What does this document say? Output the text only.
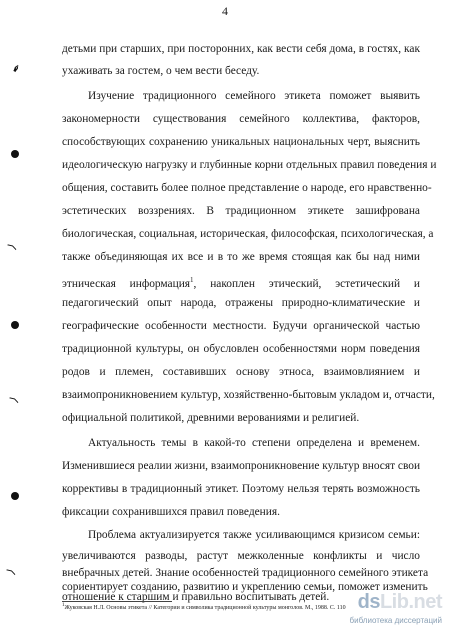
4
детьми при старших, при посторонних, как вести себя дома, в гостях, как
ухаживать за гостем, о чем вести беседу.
Изучение традиционного семейного этикета поможет выявить
закономерности существования семейного коллектива, факторов,
способствующих сохранению уникальных национальных черт, выяснить
идеологическую нагрузку и глубинные корни отдельных правил поведения и
общения, составить более полное представление о народе, его нравственно-
эстетических воззрениях. В традиционном этикете зашифрована
биологическая, социальная, историческая, философская, психологическая, а
также объединяющая их все и в то же время стоящая как бы над ними
этническая информация$^1$, накоплен этический, эстетический и
педагогический опыт народа, отражены природно-климатические и
географические особенности местности. Будучи органической частью
традиционной культуры, он обусловлен особенностями норм поведения
родов и племен, составивших основу этноса, взаимовлиянием и
взаимопроникновением культур, хозяйственно-бытовым укладом и, отчасти,
официальной политикой, древними верованиями и религией.
Актуальность темы в какой-то степени определена и временем.
Изменившиеся реалии жизни, взаимопроникновение культур вносят свои
коррективы в традиционный этикет. Поэтому нельзя терять возможность
фиксации сохранившихся правил поведения.
Проблема актуализируется также усиливающимся кризисом семьи:
увеличиваются разводы, растут межколенные конфликты и число
внебрачных детей. Знание особенностей традиционного семейного этикета
сориентирует созданию, развитию и укреплению семьи, поможет изменить
отношение к старшим и правильно воспитывать детей.
$^1$Жуковская Н.Л. Основы этикета // Категории и символика традиционной культуры монголов. М., 1988. С. 110
✒
⟩
⟩
⟩
dsLib.net
библиотека диссертаций
